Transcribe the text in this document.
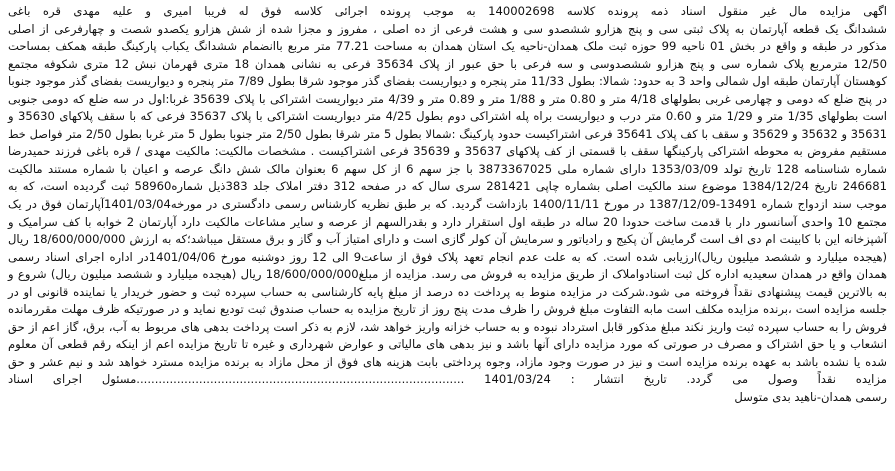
اگهی مزایده مال غیر منقول اسناد ذمه پرونده کلاسه 140002698 به موجب پرونده اجرائی کلاسه فوق له فریبا امیری و علیه مهدی قره باغی
ششدانگ یک قطعه آپارتمان به پلاک ثبتی سی و پنج هزارو ششصدو سی و هشت فرعی از ده اصلی ، مفروز و مجزا شده از شش هزارو یکصدو شصت و چهارفرعی از اصلی
مذکور در طبقه و واقع در بخش 01 ناحیه 99 حوزه ثبت ملک همدان-ناحیه یک استان همدان به مساحت 77.21 متر مربع باانضمام ششدانگ یکباب پارکینگ طبقه همکف بمساحت
12/50 مترمربع پلاک شماره سی و پنج هزارو ششصدوسی و سه فرعی با حق عبور از پلاک 35634 فرعی به نشانی همدان 18 متری قهرمان نبش 12 متری شکوفه مجتمع
کوهستان آپارتمان طبقه اول شمالی واحد 3 به حدود: شمالا: بطول 11/33 متر پنجره و دیواریست بفضای گذر موجود شرقا بطول 7/89 متر پنجره و دیواریست بفضای گذر موجود جنوبا
در پنج ضلع که دومی و چهارمی غربی بطولهای 4/18 متر و 0.80 متر و 1/88 متر و 0.89 متر و 4/39 متر دیواریست اشتراکی با پلاک 35639 غربا:اول در سه ضلع که دومی جنوبی
است بطولهای 1/35 متر و 1/29 متر و 0.60 متر درب و دیواریست براه پله اشتراکی دوم بطول 4/25 متر دیواریست اشتراکی با پلاک 35637 فرعی که با سقف پلاکهای 35630 و
35631 و 35632 و 35629 و سقف با کف پلاک 35641 فرعی اشتراکیست حدود پارکینگ :شمالا بطول 5 متر شرقا بطول 2/50 متر جنوبا بطول 5 متر غربا بطول 2/50 متر فواصل خط
مستقیم مفروض به محوطه اشتراکی پارکینگها سقف با قسمتی از کف پلاکهای 35637 و 35639 فرعی اشتراکیست . مشخصات مالکیت: مالکیت مهدی / قره باغی فرزند حمیدرضا
شماره شناسنامه 128 تاریخ تولد 1353/03/09 دارای شماره ملی 3873367025 با جز سهم 6 از کل سهم 6 بعنوان مالک شش دانگ عرصه و اعیان با شماره مستند مالکیت
246681 تاریخ 1384/12/24 موضوع سند مالکیت اصلی بشماره چاپی 281421 سری سال که در صفحه 312 دفتر املاک جلد 383ذیل شماره58960 ثبت گردیده است، که به
موجب سند ازدواج شماره 13491-1387/12/09 در مورخ 1400/11/11 بازداشت گردید. که بر طبق نظریه کارشناس رسمی دادگستری در مورخه1401/03/04آپارتمان فوق در یک
مجتمع 10 واحدی آسانسور دار با قدمت ساخت حدودا 20 ساله در طبقه اول استقرار دارد و بقدرالسهم از عرصه و سایر مشاعات مالکیت دارد آپارتمان 2 خوابه با کف سرامیک و
آشپزخانه این با کابینت ام دی اف است گرمایش آن پکیج و رادیاتور و سرمایش آن کولر گازی است و دارای امتیاز آب و گاز و برق مستقل میباشد؛که به ارزش 18/600/000/000 ریال
(هیجده میلیارد و ششصد میلیون ریال)ارزیابی شده است. که به علت عدم انجام تعهد پلاک فوق از ساعت9 الی 12 روز دوشنبه مورخ 1401/04/06در اداره اجرای اسناد رسمی
همدان واقع در همدان سعیدیه اداره کل ثبت اسنادواملاک از طریق مزایده به فروش می رسد. مزایده از مبلغ18/600/000/000 ریال (هیجده میلیارد و ششصد میلیون ریال) شروع و
به بالاترین قیمت پیشنهادی نقداً فروخته می شود.شرکت در مزایده منوط به پرداخت ده درصد از مبلغ پایه کارشناسی به حساب سپرده ثبت و حضور خریدار یا نماینده قانونی او در
جلسه مزایده است ،برنده مزایده مکلف است مابه التفاوت مبلغ فروش را ظرف مدت پنج روز از تاریخ مزایده به حساب صندوق ثبت تودیع نماید و در صورتیکه ظرف مهلت مقررمانده
فروش را به حساب سپرده ثبت واریز نکند مبلغ مذکور قابل استرداد نبوده و به حساب خزانه واریز خواهد شد، لازم به ذکر است پرداخت بدهی های مربوط به آب، برق، گاز اعم از حق
انشعاب و یا حق اشتراک و مصرف در صورتی که مورد مزایده دارای آنها باشد و نیز بدهی های مالیاتی و عوارض شهرداری و غیره تا تاریخ مزایده اعم از اینکه رقم قطعی آن معلوم
شده یا نشده باشد به عهده برنده مزایده است و نیز در صورت وجود مازاد، وجوه پرداختی بابت هزینه های فوق از محل مازاد به برنده مزایده مسترد خواهد شد و نیم عشر و حق
مزایده نقداً وصول می گردد. تاریخ انتشار : 1401/03/24 .........................................................................................مسئول اجرای اسناد
رسمی همدان-ناهید بدی متوسل
